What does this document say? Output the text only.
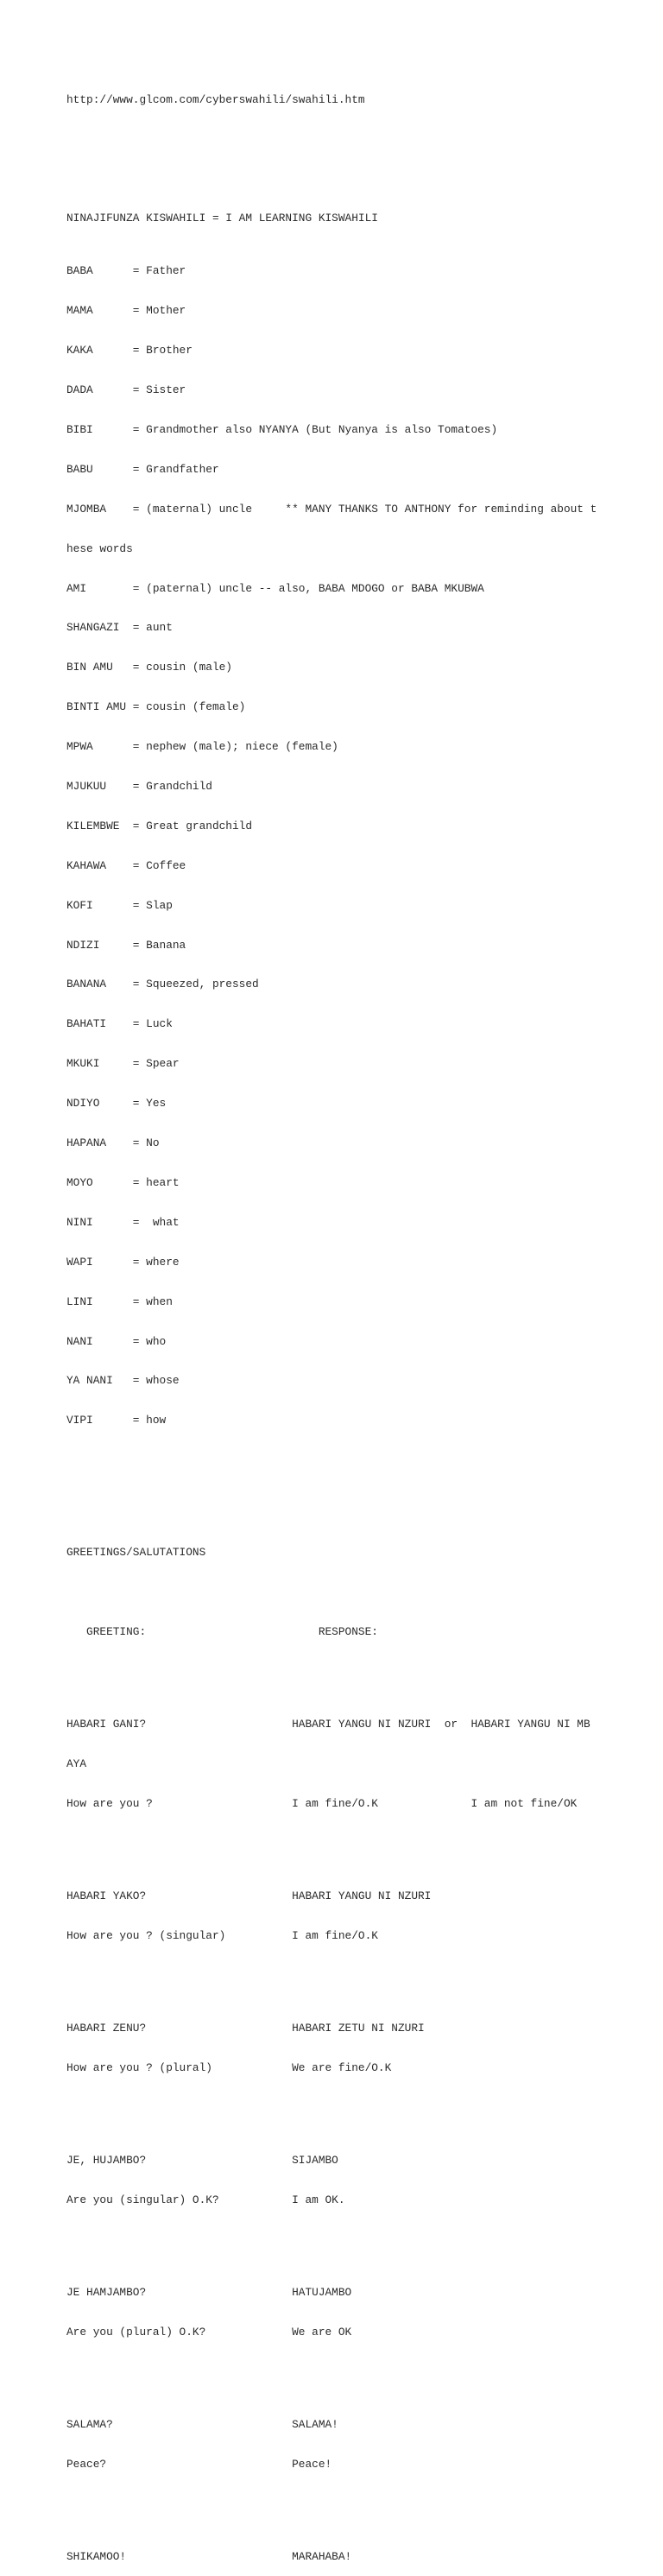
http://www.glcom.com/cyberswahili/swahili.htm

NINAJIFUNZA KISWAHILI = I AM LEARNING KISWAHILI

BABA      = Father

MAMA      = Mother

KAKA      = Brother

DADA      = Sister

BIBI      = Grandmother also NYANYA (But Nyanya is also Tomatoes)

BABU      = Grandfather

MJOMBA    = (maternal) uncle     ** MANY THANKS TO ANTHONY for reminding about t

hese words

AMI       = (paternal) uncle -- also, BABA MDOGO or BABA MKUBWA

SHANGAZI  = aunt

BIN AMU   = cousin (male)

BINTI AMU = cousin (female)

MPWA      = nephew (male); niece (female)

MJUKUU    = Grandchild

KILEMBWE  = Great grandchild

KAHAWA    = Coffee

KOFI      = Slap

NDIZI     = Banana

BANANA    = Squeezed, pressed

BAHATI    = Luck

MKUKI     = Spear

NDIYO     = Yes

HAPANA    = No

MOYO      = heart

NINI      =  what

WAPI      = where

LINI      = when

NANI      = who

YA NANI   = whose

VIPI      = how

GREETINGS/SALUTATIONS

GREETING:                          RESPONSE:

HABARI GANI?                      HABARI YANGU NI NZURI  or  HABARI YANGU NI MB

AYA

How are you ?                     I am fine/O.K              I am not fine/OK

HABARI YAKO?                      HABARI YANGU NI NZURI

How are you ? (singular)          I am fine/O.K

HABARI ZENU?                      HABARI ZETU NI NZURI

How are you ? (plural)            We are fine/O.K

JE, HUJAMBO?                      SIJAMBO

Are you (singular) O.K?           I am OK.

JE HAMJAMBO?                      HATUJAMBO

Are you (plural) O.K?             We are OK

SALAMA?                           SALAMA!

Peace?                            Peace!

SHIKAMOO!                         MARAHABA!
